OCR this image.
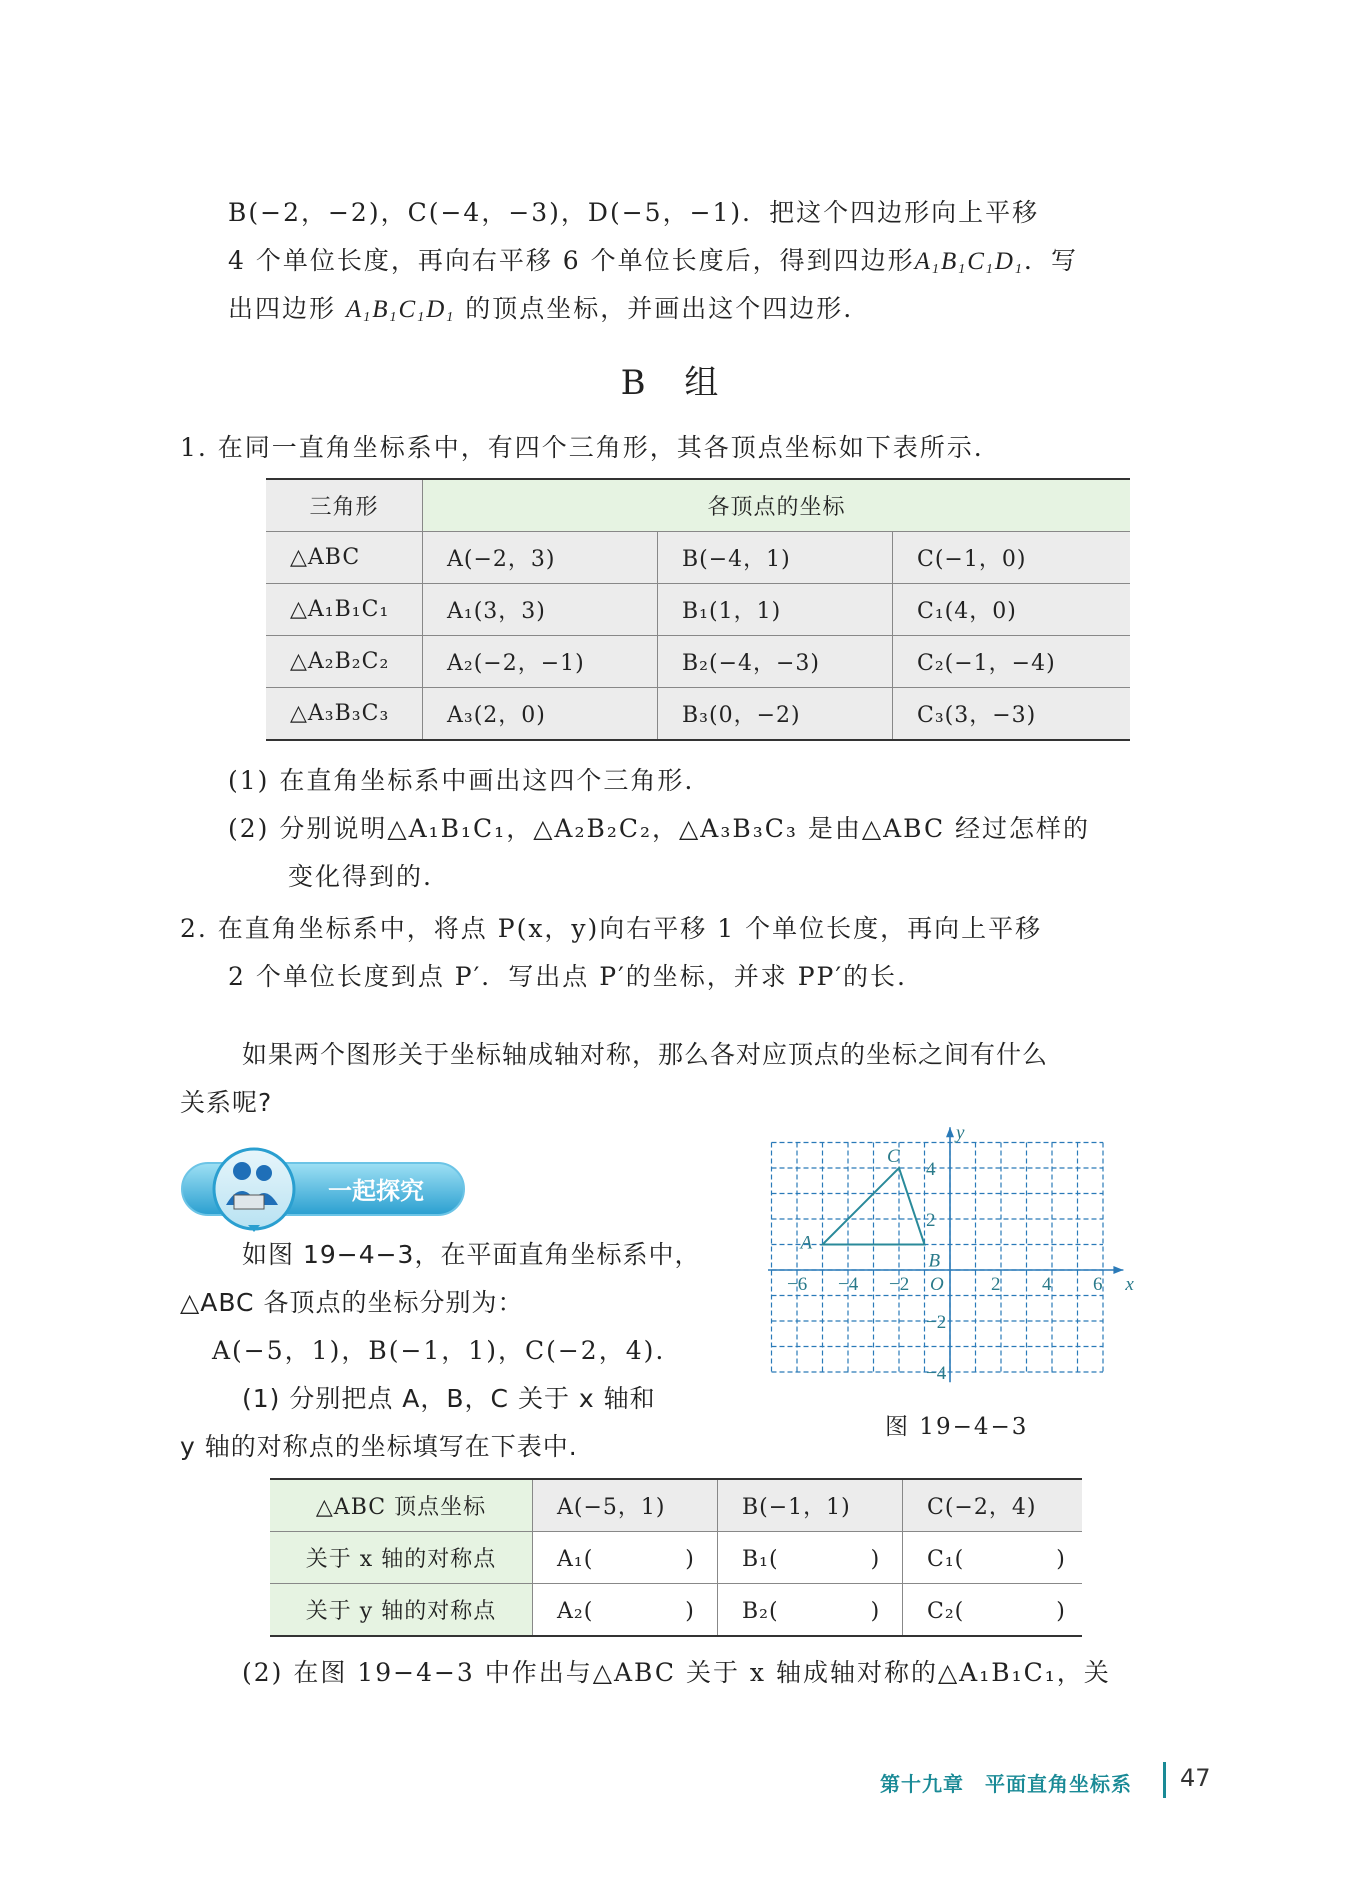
B(−2，−2)，C(−4，−3)，D(−5，−1)．把这个四边形向上平移
4 个单位长度，再向右平移 6 个单位长度后，得到四边形$A_1B_1C_1D_1$．写
出四边形 $A_1B_1C_1D_1$ 的顶点坐标，并画出这个四边形.
B 组
1. 在同一直角坐标系中，有四个三角形，其各顶点坐标如下表所示.
三角形	各顶点的坐标		
△ABC	A(−2，3)	B(−4，1)	C(−1，0)
△A₁B₁C₁	A₁(3，3)	B₁(1，1)	C₁(4，0)
△A₂B₂C₂	A₂(−2，−1)	B₂(−4，−3)	C₂(−1，−4)
△A₃B₃C₃	A₃(2，0)	B₃(0，−2)	C₃(3，−3)
(1) 在直角坐标系中画出这四个三角形.
(2) 分别说明△A₁B₁C₁，△A₂B₂C₂，△A₃B₃C₃ 是由△ABC 经过怎样的
变化得到的.
2. 在直角坐标系中，将点 P(x，y)向右平移 1 个单位长度，再向上平移
2 个单位长度到点 P′．写出点 P′的坐标，并求 PP′的长.
如果两个图形关于坐标轴成轴对称，那么各对应顶点的坐标之间有什么
关系呢?
一起探究
如图 19−4−3，在平面直角坐标系中，
△ABC 各顶点的坐标分别为：
A(−5，1)，B(−1，1)，C(−2，4).
(1) 分别把点 A，B，C 关于 x 轴和
y 轴的对称点的坐标填写在下表中.
x
y
O
−6 −4 −2	2 4 6
4
2
−2
−4
A
B
C
图 19−4−3
△ABC 顶点坐标	A(−5，1)	B(−1，1)	C(−2，4)
关于 x 轴的对称点	A₁(　　　　)	B₁(　　　　)	C₁(　　　　)
关于 y 轴的对称点	A₂(　　　　)	B₂(　　　　)	C₂(　　　　)
(2) 在图 19−4−3 中作出与△ABC 关于 x 轴成轴对称的△A₁B₁C₁，关
第十九章　平面直角坐标系 47
